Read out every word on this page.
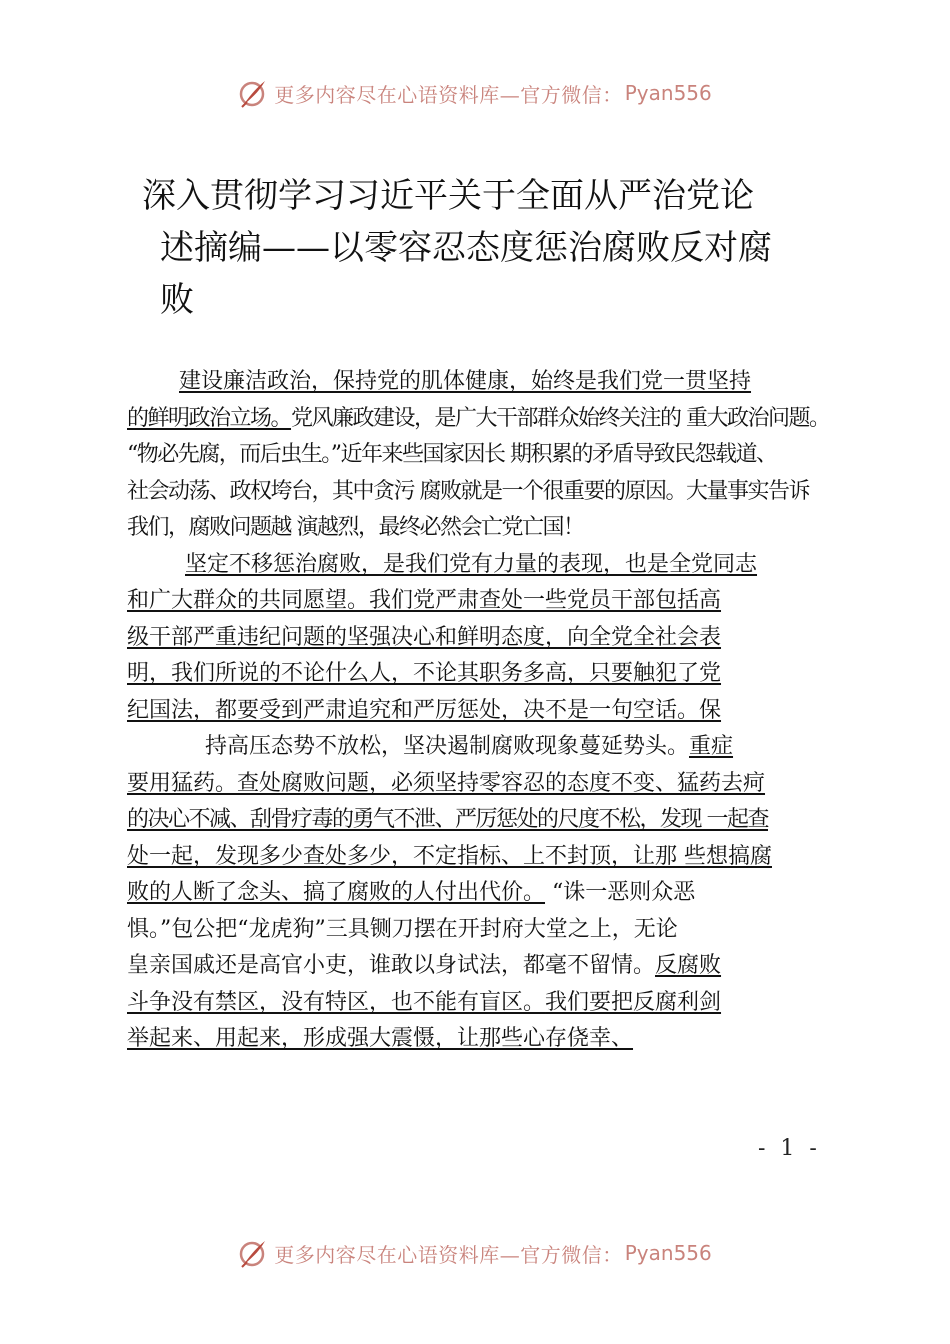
更多内容尽在心语资料库—官方微信： Pyan556
深入贯彻学习习近平关于全面从严治党论
述摘编——以零容忍态度惩治腐败反对腐
败
建设廉洁政治，保持党的肌体健康，始终是我们党一贯坚持
的鲜明政治立场。党风廉政建设，是广大干部群众始终关注的 重大政治问题。
“物必先腐，而后虫生。”近年来些国家因长 期积累的矛盾导致民怨载道、
社会动荡、政权垮台，其中贪污 腐败就是一个很重要的原因。大量事实告诉
我们，腐败问题越 演越烈，最终必然会亡党亡国！
坚定不移惩治腐败，是我们党有力量的表现，也是全党同志
和广大群众的共同愿望。我们党严肃查处一些党员干部包括高
级干部严重违纪问题的坚强决心和鲜明态度，向全党全社会表
明，我们所说的不论什么人，不论其职务多高，只要触犯了党
纪国法，都要受到严肃追究和严厉惩处，决不是一句空话。保
持高压态势不放松，坚决遏制腐败现象蔓延势头。重症
要用猛药。查处腐败问题，必须坚持零容忍的态度不变、猛药去疴
的决心不减、刮骨疗毒的勇气不泄、严厉惩处的尺度不松，发现 一起查
处一起，发现多少查处多少，不定指标、上不封顶，让那 些想搞腐
败的人断了念头、搞了腐败的人付出代价。 “诛一恶则众恶
惧。”包公把“龙虎狗”三具铡刀摆在开封府大堂之上，无论
皇亲国戚还是高官小吏，谁敢以身试法，都毫不留情。反腐败
斗争没有禁区，没有特区，也不能有盲区。我们要把反腐利剑
举起来、用起来，形成强大震慑，让那些心存侥幸、
- 1 -
更多内容尽在心语资料库—官方微信： Pyan556
